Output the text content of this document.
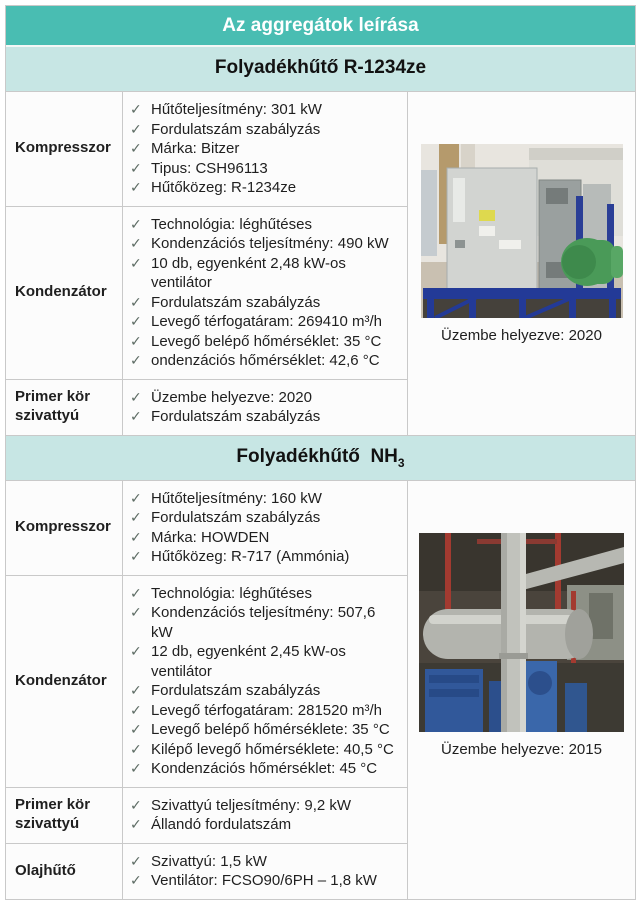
Az aggregátok leírása
Folyadékhűtő R-1234ze
Kompresszor
✓ Hűtőteljesítmény: 301 kW
✓ Fordulatszám szabályzás
✓ Márka: Bitzer
✓ Tipus: CSH96113
✓ Hűtőközeg: R-1234ze
Kondenzátor
✓ Technológia: léghűtéses
✓ Kondenzációs teljesítmény: 490 kW
✓ 10 db, egyenként 2,48 kW-os ventilátor
✓ Fordulatszám szabályzás
✓ Levegő térfogatáram: 269410 m³/h
✓ Levegő belépő hőmérséklet: 35 °C
✓ ondenzációs hőmérséklet: 42,6 °C
Primer kör szivattyú
✓ Üzembe helyezve: 2020
✓ Fordulatszám szabályzás
Üzembe helyezve: 2020
Folyadékhűtő  $NH_3$
Kompresszor
✓ Hűtőteljesítmény: 160 kW
✓ Fordulatszám szabályzás
✓ Márka: HOWDEN
✓ Hűtőközeg: R-717 (Ammónia)
Kondenzátor
✓ Technológia: léghűtéses
✓ Kondenzációs teljesítmény: 507,6 kW
✓ 12 db, egyenként 2,45 kW-os ventilátor
✓ Fordulatszám szabályzás
✓ Levegő térfogatáram: 281520 m³/h
✓ Levegő belépő hőmérséklete: 35 °C
✓ Kilépő levegő hőmérséklete: 40,5 °C
✓ Kondenzációs hőmérséklet: 45 °C
Primer kör szivattyú
✓ Szivattyú teljesítmény: 9,2 kW
✓ Állandó fordulatszám
Olajhűtő
✓ Szivattyú: 1,5 kW
✓ Ventilátor: FCSO90/6PH – 1,8 kW
Üzembe helyezve: 2015
